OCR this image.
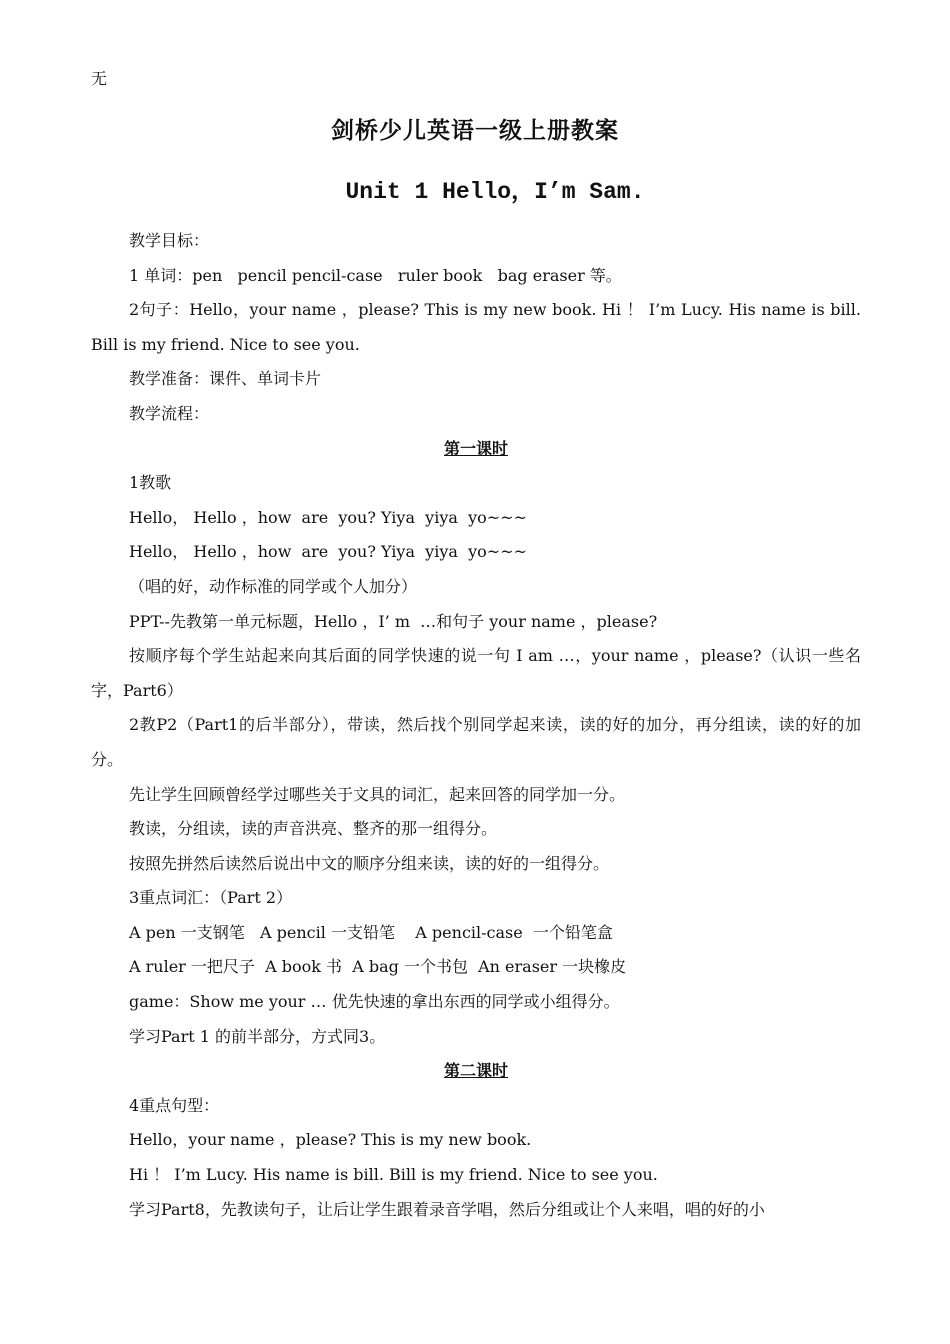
无
剑桥少儿英语一级上册教案
Unit 1 Hello，I’m Sam.

教学目标：

1 单词：pen   pencil pencil-case   ruler book   bag eraser 等。

2句子：Hello，your name ，please? This is my new book. Hi ！ I’m Lucy. His name is bill. Bill is my friend. Nice to see you.

教学准备：课件、单词卡片

教学流程：

第一课时

1教歌

Hello， Hello ，how  are  you? Yiya  yiya  yo~~~

Hello， Hello ，how  are  you? Yiya  yiya  yo~~~

（唱的好，动作标准的同学或个人加分）

PPT--先教第一单元标题，Hello ，I’ m  …和句子 your name ，please?

按顺序每个学生站起来向其后面的同学快速的说一句 I am …，your name ，please?（认识一些名字，Part6）

2教P2（Part1的后半部分），带读，然后找个别同学起来读，读的好的加分，再分组读，读的好的加分。

先让学生回顾曾经学过哪些关于文具的词汇，起来回答的同学加一分。

教读，分组读，读的声音洪亮、整齐的那一组得分。

按照先拼然后读然后说出中文的顺序分组来读，读的好的一组得分。

3重点词汇：（Part 2）

A pen 一支钢笔   A pencil 一支铅笔    A pencil-case  一个铅笔盒

A ruler 一把尺子  A book 书  A bag 一个书包  An eraser 一块橡皮

game：Show me your … 优先快速的拿出东西的同学或小组得分。

学习Part 1 的前半部分，方式同3。

第二课时

4重点句型：

Hello，your name ，please? This is my new book.

Hi ！ I’m Lucy. His name is bill. Bill is my friend. Nice to see you.

学习Part8，先教读句子，让后让学生跟着录音学唱，然后分组或让个人来唱，唱的好的小
